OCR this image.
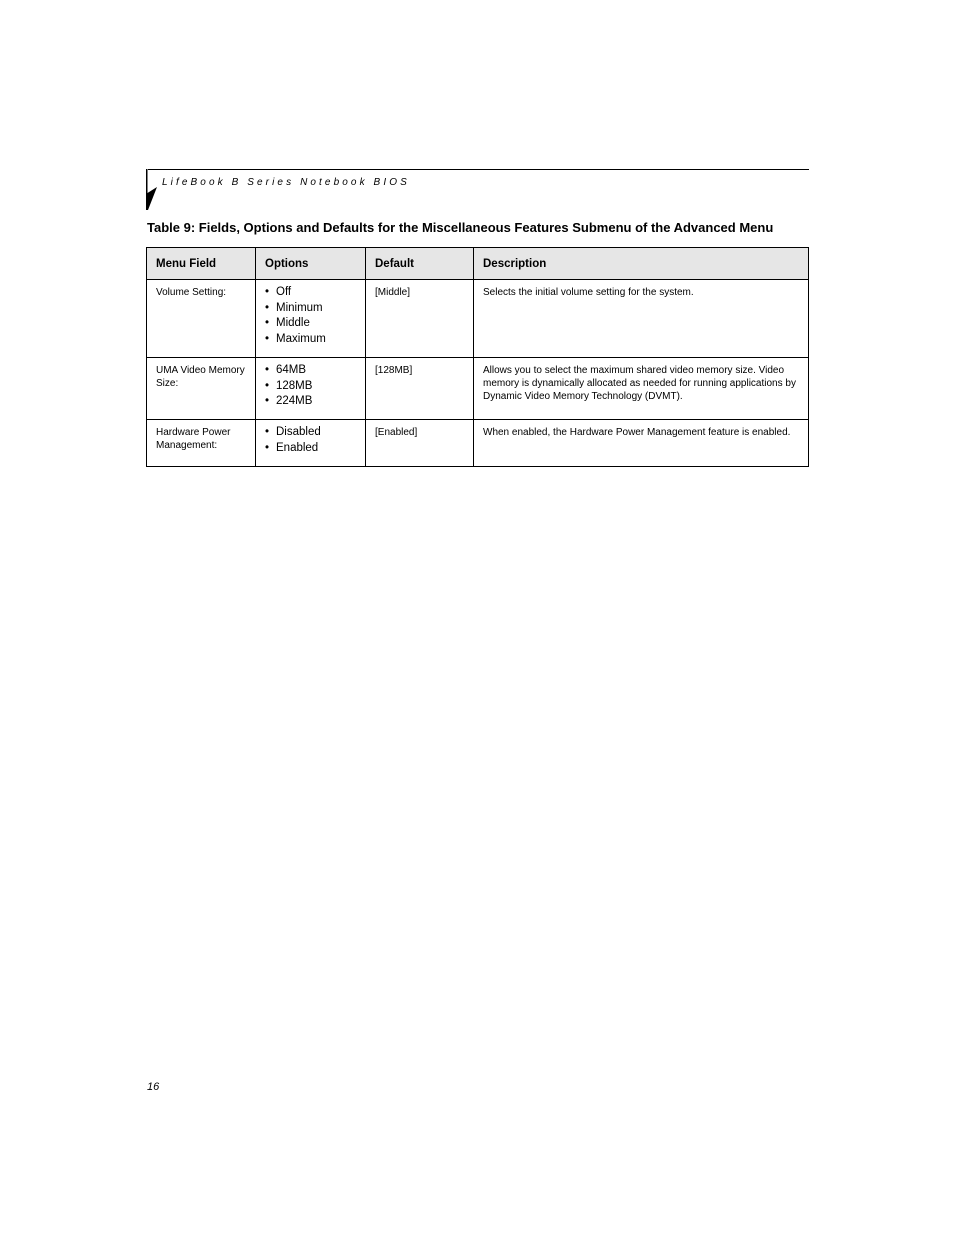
LifeBook B Series Notebook BIOS
Table 9: Fields, Options and Defaults for the Miscellaneous Features Submenu of the Advanced Menu
Menu Field	Options	Default	Description
Volume Setting:	• Off
• Minimum
• Middle
• Maximum	[Middle]	Selects the initial volume setting for the system.
UMA Video Memory Size:	• 64MB
• 128MB
• 224MB	[128MB]	Allows you to select the maximum shared video memory size. Video memory is dynamically allocated as needed for running applications by Dynamic Video Memory Technology (DVMT).
Hardware Power Management:	• Disabled
• Enabled	[Enabled]	When enabled, the Hardware Power Management feature is enabled.
16
